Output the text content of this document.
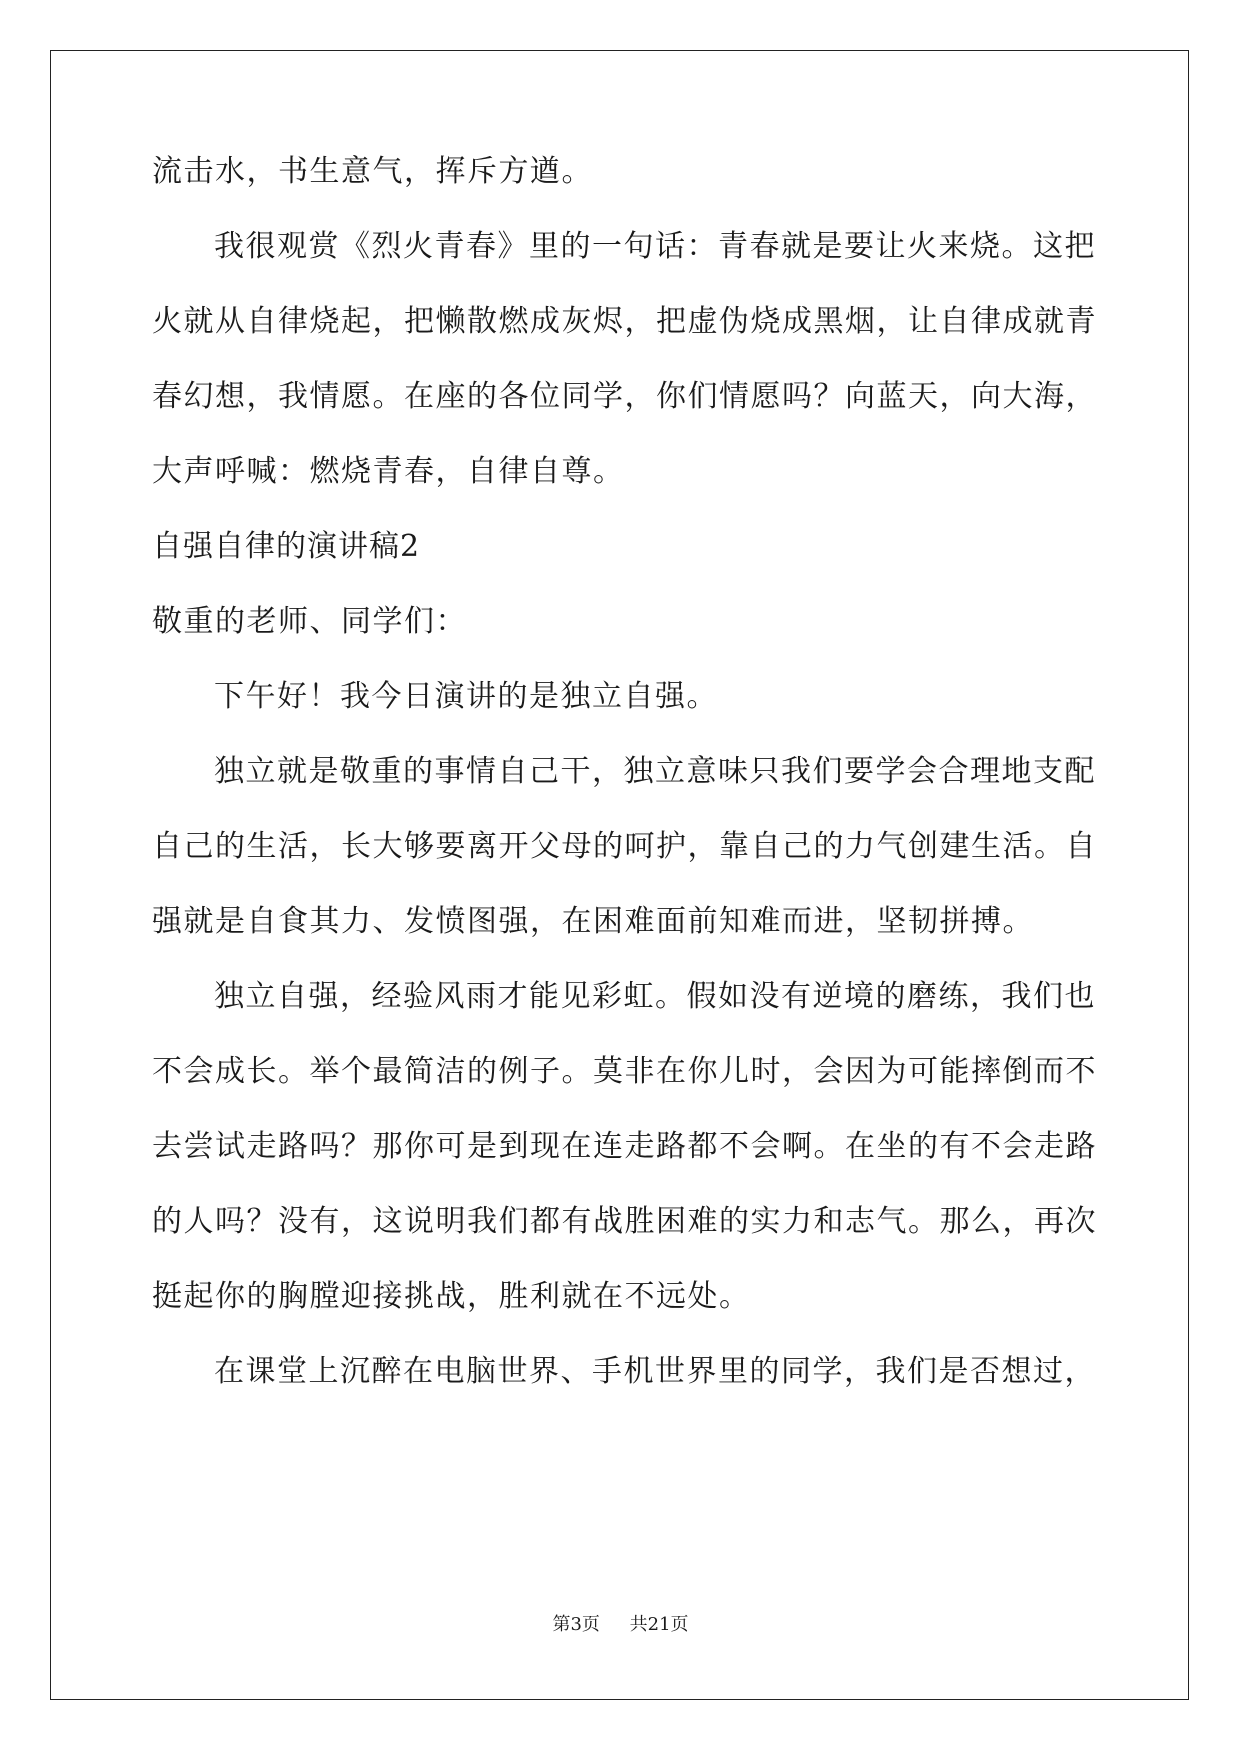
流击水，书生意气，挥斥方遒。
我很观赏《烈火青春》里的一句话：青春就是要让火来烧。这把
火就从自律烧起，把懒散燃成灰烬，把虚伪烧成黑烟，让自律成就青
春幻想，我情愿。在座的各位同学，你们情愿吗？向蓝天，向大海，
大声呼喊：燃烧青春，自律自尊。
自强自律的演讲稿2
敬重的老师、同学们：
下午好！我今日演讲的是独立自强。
独立就是敬重的事情自己干，独立意味只我们要学会合理地支配
自己的生活，长大够要离开父母的呵护，靠自己的力气创建生活。自
强就是自食其力、发愤图强，在困难面前知难而进，坚韧拼搏。
独立自强，经验风雨才能见彩虹。假如没有逆境的磨练，我们也
不会成长。举个最简洁的例子。莫非在你儿时，会因为可能摔倒而不
去尝试走路吗？那你可是到现在连走路都不会啊。在坐的有不会走路
的人吗？没有，这说明我们都有战胜困难的实力和志气。那么，再次
挺起你的胸膛迎接挑战，胜利就在不远处。
在课堂上沉醉在电脑世界、手机世界里的同学，我们是否想过，
第3页 共21页
